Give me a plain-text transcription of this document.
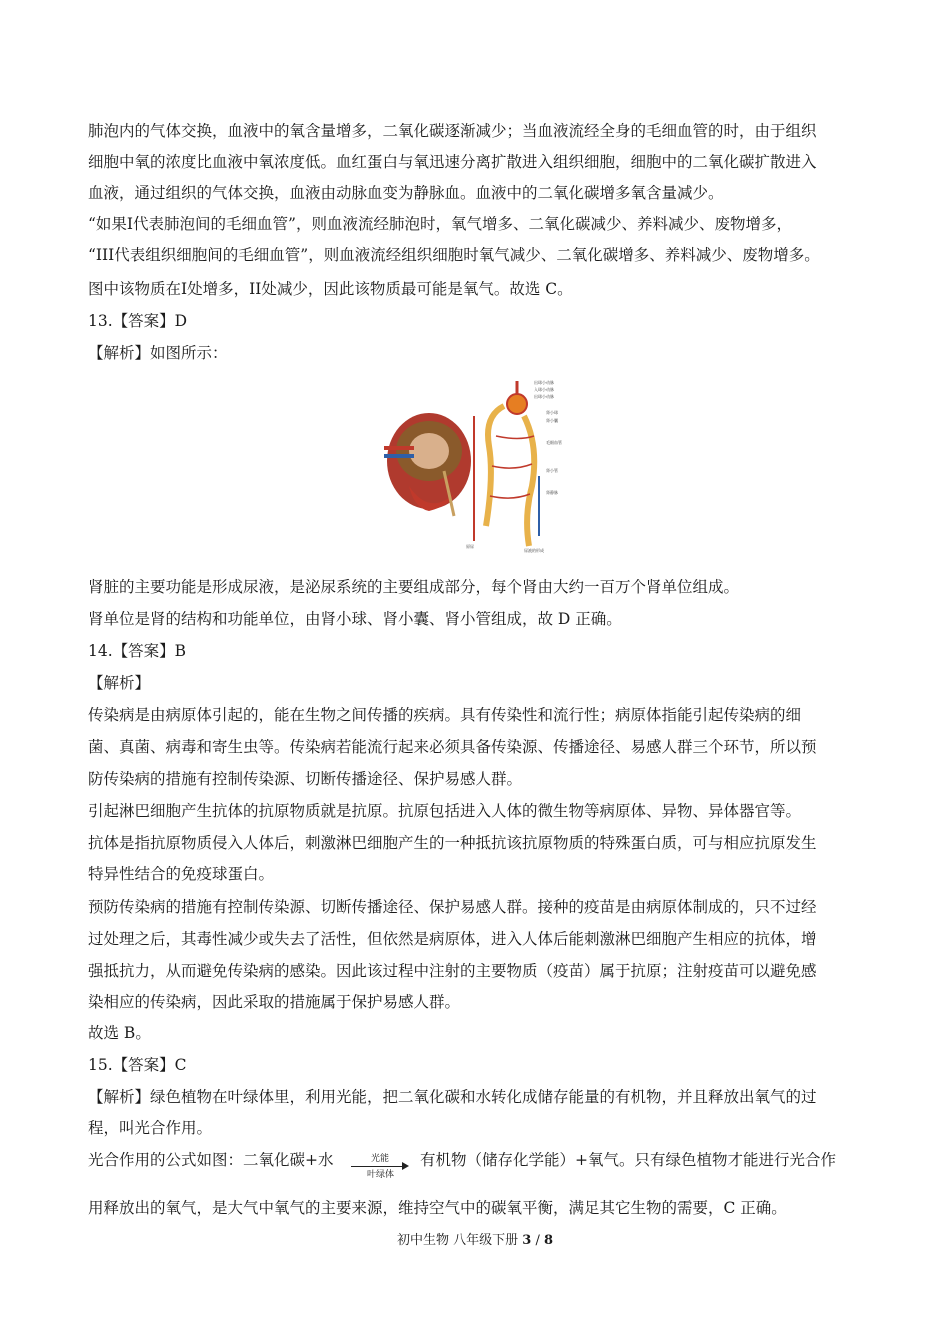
肺泡内的气体交换，血液中的氧含量增多，二氧化碳逐渐减少；当血液流经全身的毛细血管的时，由于组织
细胞中氧的浓度比血液中氧浓度低。血红蛋白与氧迅速分离扩散进入组织细胞，细胞中的二氧化碳扩散进入
血液，通过组织的气体交换，血液由动脉血变为静脉血。血液中的二氧化碳增多氧含量减少。
“如果I代表肺泡间的毛细血管”，则血液流经肺泡时，氧气增多、二氧化碳减少、养料减少、废物增多，
“III代表组织细胞间的毛细血管”，则血液流经组织细胞时氧气减少、二氧化碳增多、养料减少、废物增多。
图中该物质在I处增多，II处减少，因此该物质最可能是氧气。故选 C。
13.【答案】D
【解析】如图所示：
出球小动脉
入球小动脉
出球小动脉
肾小球
肾小囊
毛细血管
肾小管
肾静脉
原尿
尿液的形成
肾脏的主要功能是形成尿液，是泌尿系统的主要组成部分，每个肾由大约一百万个肾单位组成。
肾单位是肾的结构和功能单位，由肾小球、肾小囊、肾小管组成，故 D 正确。
14.【答案】B
【解析】
传染病是由病原体引起的，能在生物之间传播的疾病。具有传染性和流行性；病原体指能引起传染病的细
菌、真菌、病毒和寄生虫等。传染病若能流行起来必须具备传染源、传播途径、易感人群三个环节，所以预
防传染病的措施有控制传染源、切断传播途径、保护易感人群。
引起淋巴细胞产生抗体的抗原物质就是抗原。抗原包括进入人体的微生物等病原体、异物、异体器官等。
抗体是指抗原物质侵入人体后，刺激淋巴细胞产生的一种抵抗该抗原物质的特殊蛋白质，可与相应抗原发生
特异性结合的免疫球蛋白。
预防传染病的措施有控制传染源、切断传播途径、保护易感人群。接种的疫苗是由病原体制成的，只不过经
过处理之后，其毒性减少或失去了活性，但依然是病原体，进入人体后能刺激淋巴细胞产生相应的抗体，增
强抵抗力，从而避免传染病的感染。因此该过程中注射的主要物质（疫苗）属于抗原；注射疫苗可以避免感
染相应的传染病，因此采取的措施属于保护易感人群。
故选 B。
15.【答案】C
【解析】绿色植物在叶绿体里，利用光能，把二氧化碳和水转化成储存能量的有机物，并且释放出氧气的过
程，叫光合作用。
光合作用的公式如图：二氧化碳+水	光能
叶绿体
有机物（储存化学能）+氧气。只有绿色植物才能进行光合作
用释放出的氧气，是大气中氧气的主要来源，维持空气中的碳氧平衡，满足其它生物的需要，C 正确。
初中生物 八年级下册 3 / 8
